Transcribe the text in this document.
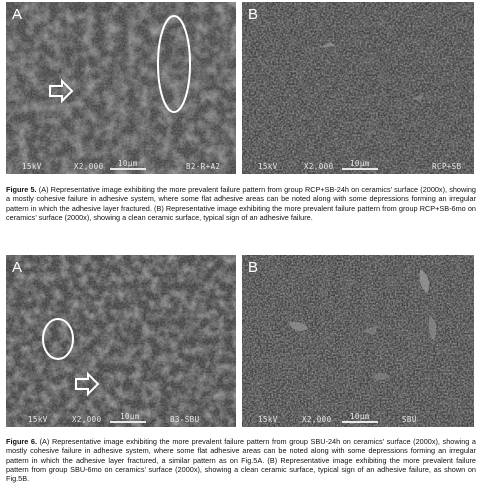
A
15kV	X2,000 10µm	B2-R+A2
B
15kV	X2,000 10µm	RCP+SB
Figure 5. (A) Representative image exhibiting the more prevalent failure pattern from group RCP+SB-24h on ceramics’ surface (2000x), showing a mostly cohesive failure in adhesive system, where some flat adhesive areas can be noted along with some depressions forming an irregular pattern in which the adhesive layer fractured. (B) Representative image exhibiting the more prevalent failure pattern from group RCP+SB-6mo on ceramics’ surface (2000x), showing a clean ceramic surface, typical sign of an adhesive failure.
A
15kV	X2,000 10µm	B3-SBU
B
15kV	X2,000 10µm	SBU
Figure 6. (A) Representative image exhibiting the more prevalent failure pattern from group SBU-24h on ceramics’ surface (2000x), showing a mostly cohesive failure in adhesive system, where some flat adhesive areas can be noted along with some depressions forming an irregular pattern in which the adhesive layer fractured, a similar pattern as on Fig.5A. (B) Representative image exhibiting the more prevalent failure pattern from group SBU-6mo on ceramics’ surface (2000x), showing a clean ceramic surface, typical sign of an adhesive failure, as shown on Fig.5B.
